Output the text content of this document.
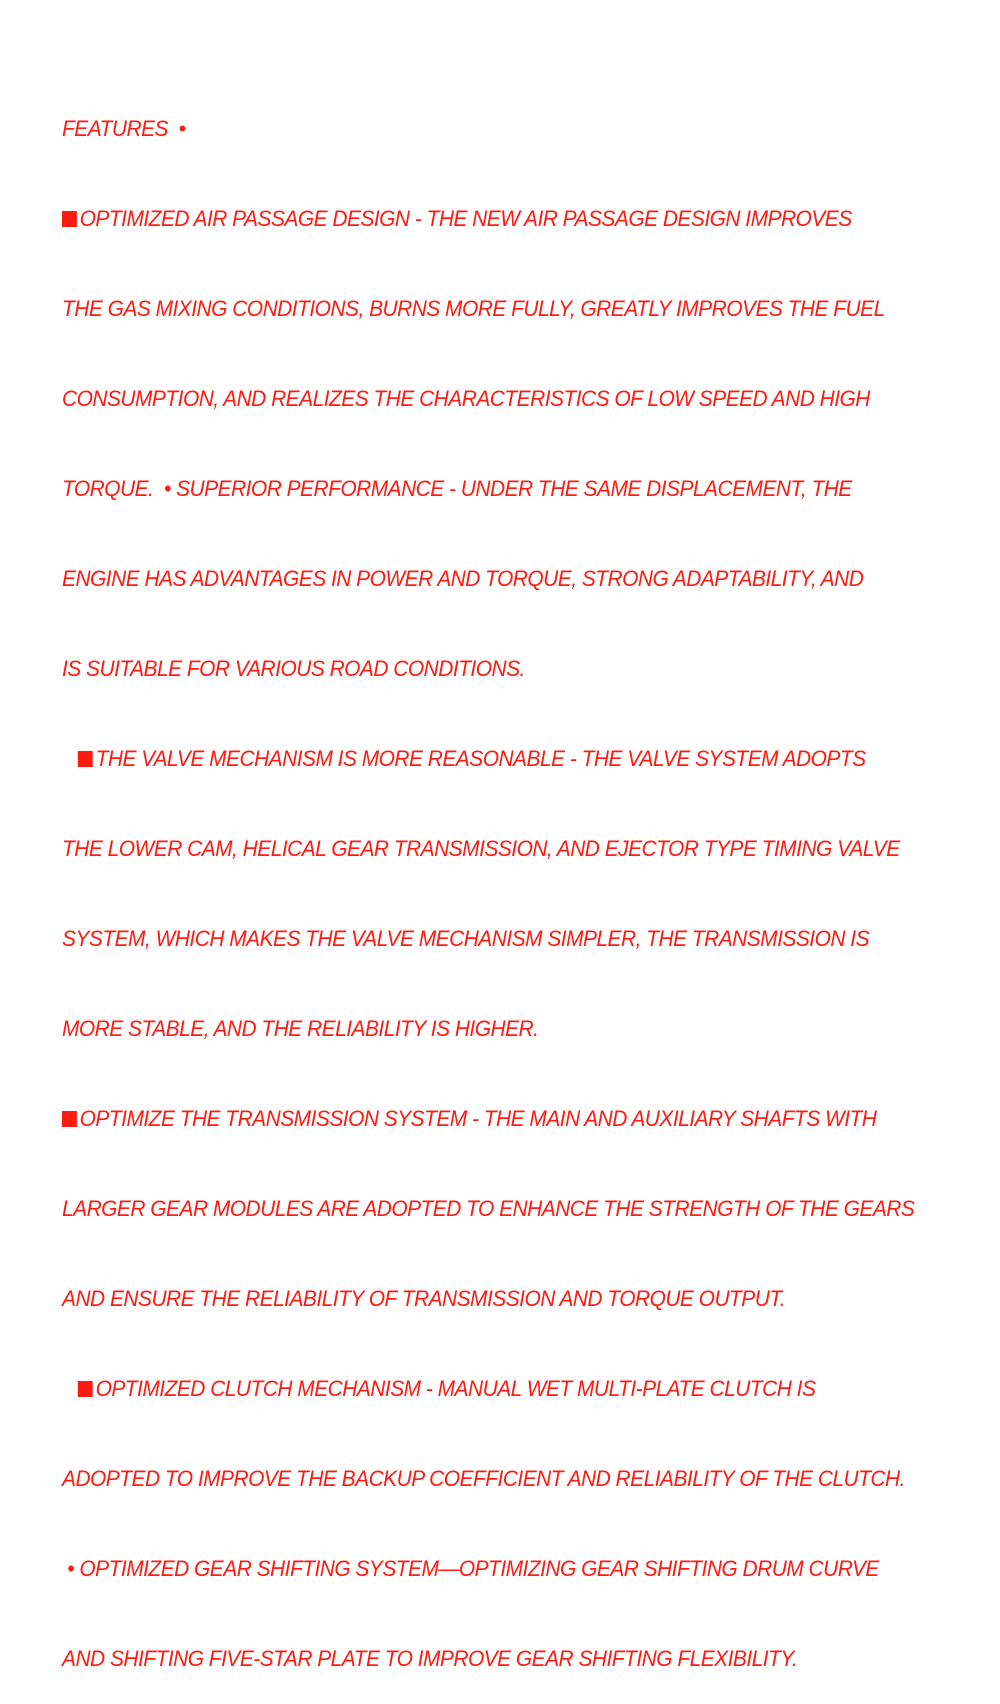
FEATURES  •

OPTIMIZED AIR PASSAGE DESIGN - THE NEW AIR PASSAGE DESIGN IMPROVES

THE GAS MIXING CONDITIONS, BURNS MORE FULLY, GREATLY IMPROVES THE FUEL

CONSUMPTION, AND REALIZES THE CHARACTERISTICS OF LOW SPEED AND HIGH

TORQUE.  • SUPERIOR PERFORMANCE - UNDER THE SAME DISPLACEMENT, THE

ENGINE HAS ADVANTAGES IN POWER AND TORQUE, STRONG ADAPTABILITY, AND

IS SUITABLE FOR VARIOUS ROAD CONDITIONS.

THE VALVE MECHANISM IS MORE REASONABLE - THE VALVE SYSTEM ADOPTS

THE LOWER CAM, HELICAL GEAR TRANSMISSION, AND EJECTOR TYPE TIMING VALVE

SYSTEM, WHICH MAKES THE VALVE MECHANISM SIMPLER, THE TRANSMISSION IS

MORE STABLE, AND THE RELIABILITY IS HIGHER.

OPTIMIZE THE TRANSMISSION SYSTEM - THE MAIN AND AUXILIARY SHAFTS WITH

LARGER GEAR MODULES ARE ADOPTED TO ENHANCE THE STRENGTH OF THE GEARS

AND ENSURE THE RELIABILITY OF TRANSMISSION AND TORQUE OUTPUT.

OPTIMIZED CLUTCH MECHANISM - MANUAL WET MULTI-PLATE CLUTCH IS

ADOPTED TO IMPROVE THE BACKUP COEFFICIENT AND RELIABILITY OF THE CLUTCH.

• OPTIMIZED GEAR SHIFTING SYSTEM—OPTIMIZING GEAR SHIFTING DRUM CURVE

AND SHIFTING FIVE-STAR PLATE TO IMPROVE GEAR SHIFTING FLEXIBILITY.
